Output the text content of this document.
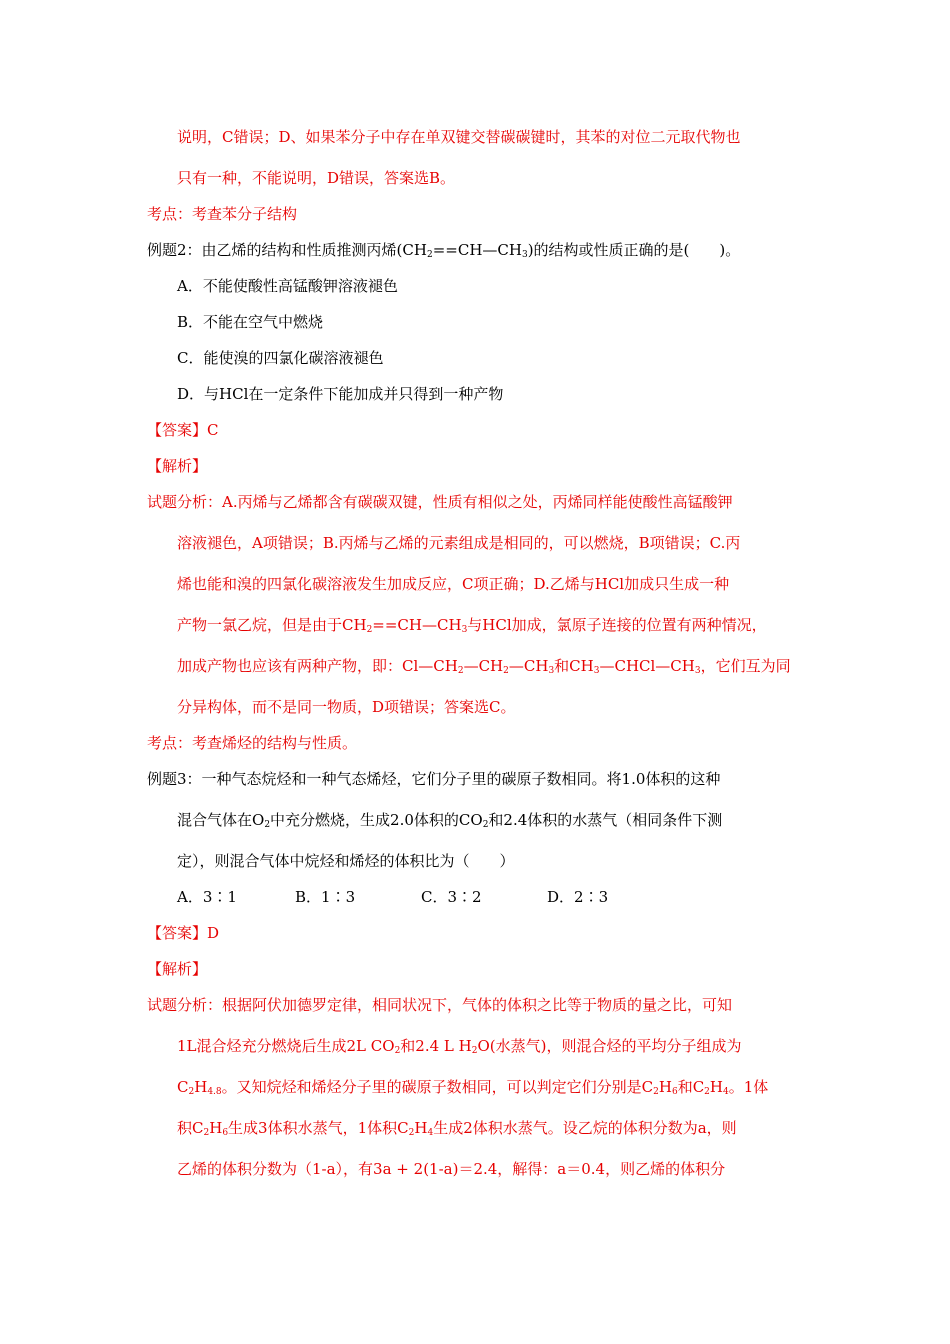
说明，C错误；D、如果苯分子中存在单双键交替碳碳键时，其苯的对位二元取代物也

只有一种，不能说明，D错误，答案选B。

考点：考查苯分子结构

例题2：由乙烯的结构和性质推测丙烯$(CH_2==CH—CH_3)$的结构或性质正确的是(　　)。

A．不能使酸性高锰酸钾溶液褪色

B．不能在空气中燃烧

C．能使溴的四氯化碳溶液褪色

D．与HCl在一定条件下能加成并只得到一种产物

【答案】C

【解析】

试题分析：A.丙烯与乙烯都含有碳碳双键，性质有相似之处，丙烯同样能使酸性高锰酸钾

溶液褪色，A项错误；B.丙烯与乙烯的元素组成是相同的，可以燃烧，B项错误；C.丙

烯也能和溴的四氯化碳溶液发生加成反应，C项正确；D.乙烯与HCl加成只生成一种

产物一氯乙烷，但是由于$CH_2==CH—CH_3$与HCl加成，氯原子连接的位置有两种情况，

加成产物也应该有两种产物，即：$Cl—CH_2—CH_2—CH_3$和$CH_3—CHCl—CH_3$，它们互为同

分异构体，而不是同一物质，D项错误；答案选C。

考点：考查烯烃的结构与性质。

例题3：一种气态烷烃和一种气态烯烃，它们分子里的碳原子数相同。将1.0体积的这种

混合气体在$O_2$中充分燃烧，生成2.0体积的$CO_2$和2.4体积的水蒸气（相同条件下测

定），则混合气体中烷烃和烯烃的体积比为（　　）

A．3∶1	B．1∶3	C．3∶2	D．2∶3

【答案】D

【解析】

试题分析：根据阿伏加德罗定律，相同状况下，气体的体积之比等于物质的量之比，可知

1L混合烃充分燃烧后生成2L $CO_2$和2.4 L $H_2O$(水蒸气)，则混合烃的平均分子组成为

$C_2H_{4.8}$。又知烷烃和烯烃分子里的碳原子数相同，可以判定它们分别是$C_2H_6$和$C_2H_4$。1体

积$C_2H_6$生成3体积水蒸气，1体积$C_2H_4$生成2体积水蒸气。设乙烷的体积分数为a，则

乙烯的体积分数为（1-a），有3a + 2(1-a)＝2.4，解得：a＝0.4，则乙烯的体积分
